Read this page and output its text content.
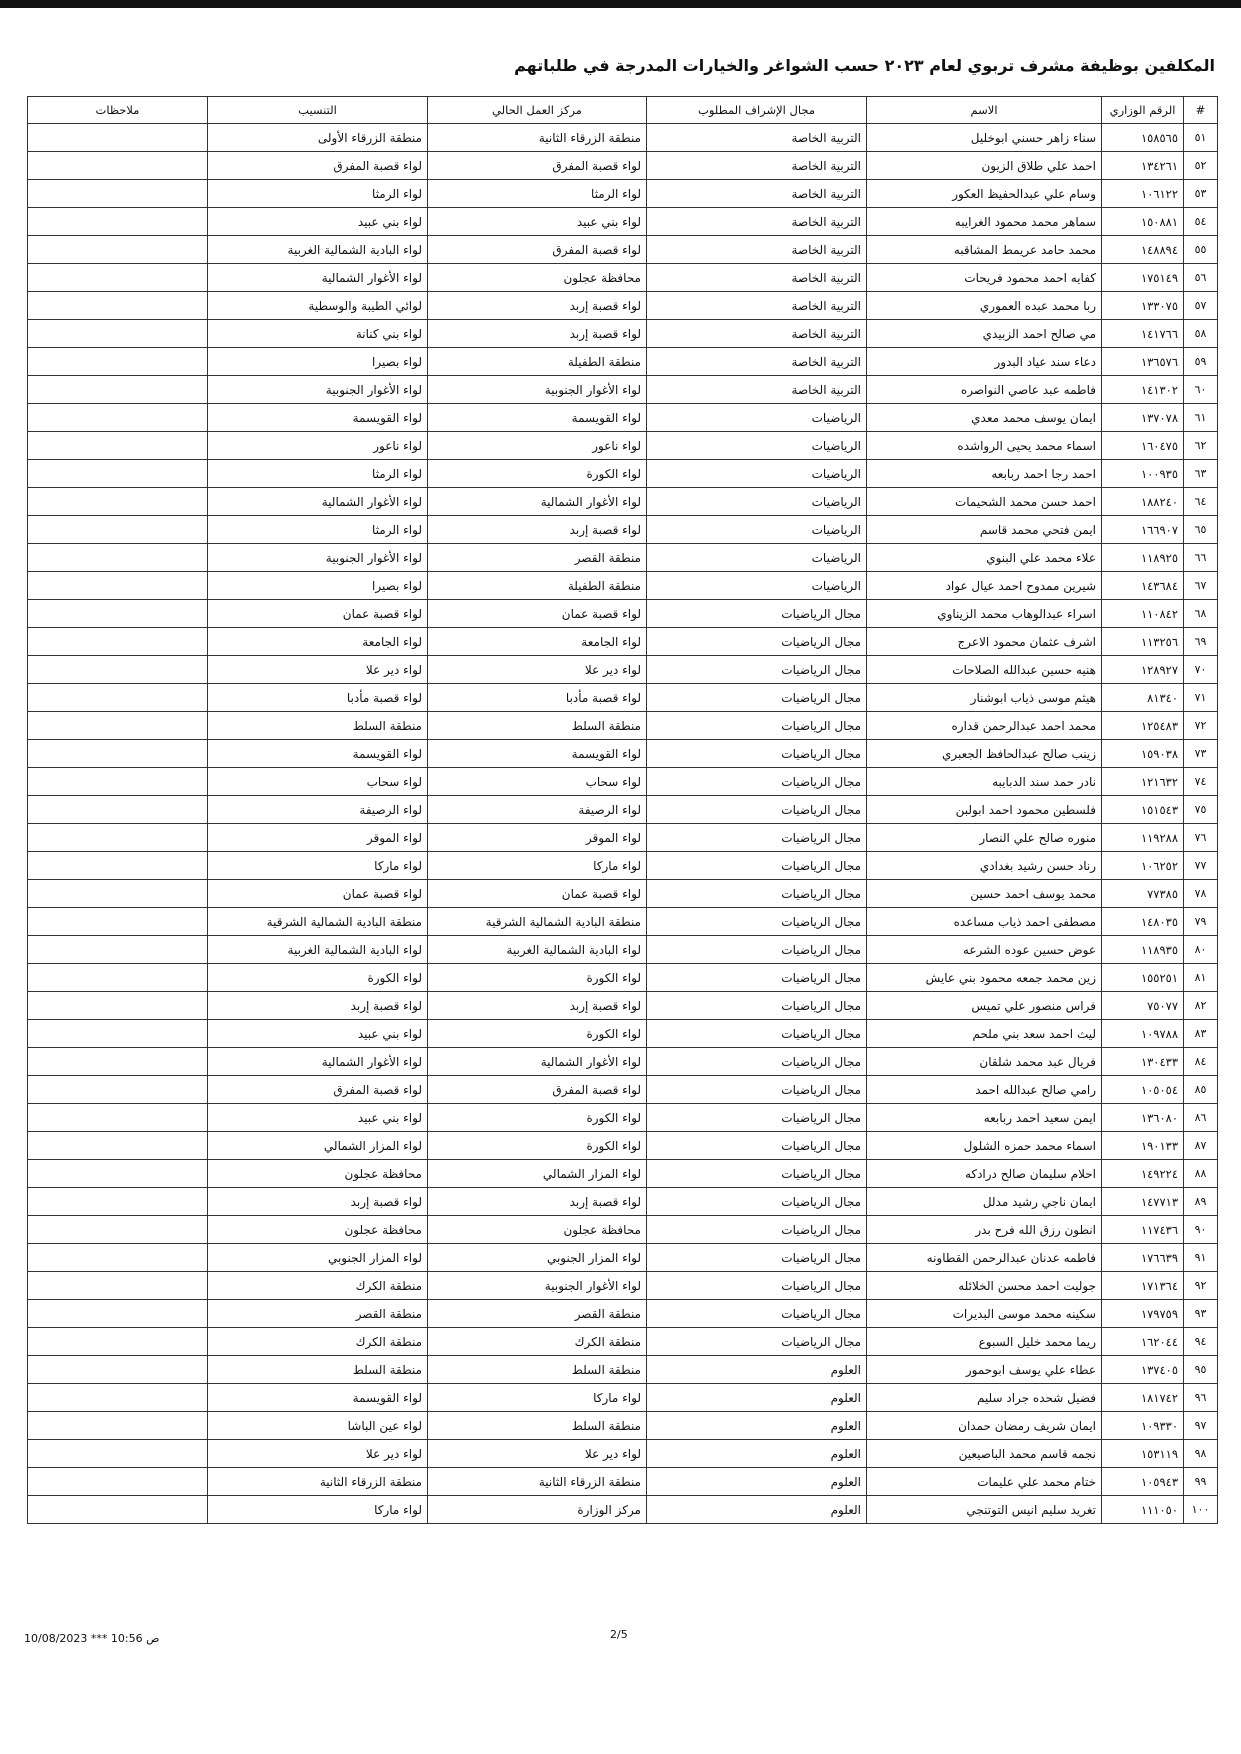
المكلفين بوظيفة مشرف تربوي لعام ٢٠٢٣ حسب الشواغر والخيارات المدرجة في طلباتهم
#	الرقم الوزاري	الاسم	مجال الإشراف المطلوب	مركز العمل الحالي	التنسيب	ملاحظات
٥١	١٥٨٥٦٥	سناء زاهر حسني ابوخليل	التربية الخاصة	منطقة الزرقاء الثانية	منطقة الزرقاء الأولى	
٥٢	١٣٤٢٦١	احمد علي طلاق الزيون	التربية الخاصة	لواء قصبة المفرق	لواء قصبة المفرق	
٥٣	١٠٦١٢٢	وسام علي عبدالحفيظ العكور	التربية الخاصة	لواء الرمثا	لواء الرمثا	
٥٤	١٥٠٨٨١	سماهر محمد محمود الغرايبه	التربية الخاصة	لواء بني عبيد	لواء بني عبيد	
٥٥	١٤٨٨٩٤	محمد حامد عريمط المشاقبه	التربية الخاصة	لواء قصبة المفرق	لواء البادية الشمالية الغربية	
٥٦	١٧٥١٤٩	كفايه احمد محمود فريحات	التربية الخاصة	محافظة عجلون	لواء الأغوار الشمالية	
٥٧	١٣٣٠٧٥	ربا محمد عبده العموري	التربية الخاصة	لواء قصبة إربد	لوائي الطيبة والوسطية	
٥٨	١٤١٧٦٦	مي صالح احمد الزبيدي	التربية الخاصة	لواء قصبة إربد	لواء بني كنانة	
٥٩	١٣٦٥٧٦	دعاء سند عياد البدور	التربية الخاصة	منطقة الطفيلة	لواء بصيرا	
٦٠	١٤١٣٠٢	فاطمه عبد عاصي النواصره	التربية الخاصة	لواء الأغوار الجنوبية	لواء الأغوار الجنوبية	
٦١	١٣٧٠٧٨	ايمان يوسف محمد معدي	الرياضيات	لواء القويسمة	لواء القويسمة	
٦٢	١٦٠٤٧٥	اسماء محمد يحيى الرواشده	الرياضيات	لواء ناعور	لواء ناعور	
٦٣	١٠٠٩٣٥	احمد رجا احمد ربابعه	الرياضيات	لواء الكورة	لواء الرمثا	
٦٤	١٨٨٢٤٠	احمد حسن محمد الشحيمات	الرياضيات	لواء الأغوار الشمالية	لواء الأغوار الشمالية	
٦٥	١٦٦٩٠٧	ايمن فتحي محمد قاسم	الرياضيات	لواء قصبة إربد	لواء الرمثا	
٦٦	١١٨٩٢٥	علاء محمد علي البنوي	الرياضيات	منطقة القصر	لواء الأغوار الجنوبية	
٦٧	١٤٣٦٨٤	شيرين ممدوح احمد عيال عواد	الرياضيات	منطقة الطفيلة	لواء بصيرا	
٦٨	١١٠٨٤٢	اسراء عبدالوهاب محمد الزيناوي	مجال الرياضيات	لواء قصبة عمان	لواء قصبة عمان	
٦٩	١١٣٢٥٦	اشرف عثمان محمود الاعرج	مجال الرياضيات	لواء الجامعة	لواء الجامعة	
٧٠	١٢٨٩٢٧	هنيه حسين عبدالله الصلاحات	مجال الرياضيات	لواء دير علا	لواء دير علا	
٧١	٨١٣٤٠	هيثم موسى ذياب ابوشنار	مجال الرياضيات	لواء قصبة مأدبا	لواء قصبة مأدبا	
٧٢	١٢٥٤٨٣	محمد احمد عبدالرحمن قداره	مجال الرياضيات	منطقة السلط	منطقة السلط	
٧٣	١٥٩٠٣٨	زينب صالح عبدالحافظ الجعبري	مجال الرياضيات	لواء القويسمة	لواء القويسمة	
٧٤	١٢١٦٣٢	نادر حمد سند الدبايبه	مجال الرياضيات	لواء سحاب	لواء سحاب	
٧٥	١٥١٥٤٣	فلسطين محمود احمد ابولبن	مجال الرياضيات	لواء الرصيفة	لواء الرصيفة	
٧٦	١١٩٢٨٨	منوره صالح علي النصار	مجال الرياضيات	لواء الموقر	لواء الموقر	
٧٧	١٠٦٢٥٢	رناد حسن رشيد بغدادي	مجال الرياضيات	لواء ماركا	لواء ماركا	
٧٨	٧٧٣٨٥	محمد يوسف احمد حسين	مجال الرياضيات	لواء قصبة عمان	لواء قصبة عمان	
٧٩	١٤٨٠٣٥	مصطفى احمد ذياب مساعده	مجال الرياضيات	منطقة البادية الشمالية الشرقية	منطقة البادية الشمالية الشرقية	
٨٠	١١٨٩٣٥	عوض حسين عوده الشرعه	مجال الرياضيات	لواء البادية الشمالية الغربية	لواء البادية الشمالية الغربية	
٨١	١٥٥٢٥١	زين محمد جمعه محمود بني عايش	مجال الرياضيات	لواء الكورة	لواء الكورة	
٨٢	٧٥٠٧٧	فراس منصور علي تميس	مجال الرياضيات	لواء قصبة إربد	لواء قصبة إربد	
٨٣	١٠٩٧٨٨	ليث احمد سعد بني ملحم	مجال الرياضيات	لواء الكورة	لواء بني عبيد	
٨٤	١٣٠٤٣٣	فريال عبد محمد شلقان	مجال الرياضيات	لواء الأغوار الشمالية	لواء الأغوار الشمالية	
٨٥	١٠٥٠٥٤	رامي صالح عبدالله احمد	مجال الرياضيات	لواء قصبة المفرق	لواء قصبة المفرق	
٨٦	١٣٦٠٨٠	ايمن سعيد احمد ربابعه	مجال الرياضيات	لواء الكورة	لواء بني عبيد	
٨٧	١٩٠١٣٣	اسماء محمد حمزه الشلول	مجال الرياضيات	لواء الكورة	لواء المزار الشمالي	
٨٨	١٤٩٢٢٤	احلام سليمان صالح درادكه	مجال الرياضيات	لواء المزار الشمالي	محافظة عجلون	
٨٩	١٤٧٧١٣	ايمان ناجي رشيد مدلل	مجال الرياضيات	لواء قصبة إربد	لواء قصبة إربد	
٩٠	١١٧٤٣٦	انطون رزق الله فرح بدر	مجال الرياضيات	محافظة عجلون	محافظة عجلون	
٩١	١٧٦٦٣٩	فاطمه عدنان عبدالرحمن القطاونه	مجال الرياضيات	لواء المزار الجنوبي	لواء المزار الجنوبي	
٩٢	١٧١٣٦٤	جوليت احمد محسن الخلائله	مجال الرياضيات	لواء الأغوار الجنوبية	منطقة الكرك	
٩٣	١٧٩٧٥٩	سكينه محمد موسى البديرات	مجال الرياضيات	منطقة القصر	منطقة القصر	
٩٤	١٦٢٠٤٤	ريما محمد خليل السبوع	مجال الرياضيات	منطقة الكرك	منطقة الكرك	
٩٥	١٣٧٤٠٥	عطاء علي يوسف ابوحمور	العلوم	منطقة السلط	منطقة السلط	
٩٦	١٨١٧٤٢	فضيل شحده جراد سليم	العلوم	لواء ماركا	لواء القويسمة	
٩٧	١٠٩٣٣٠	ايمان شريف رمضان حمدان	العلوم	منطقة السلط	لواء عين الباشا	
٩٨	١٥٣١١٩	نجمه قاسم محمد الباصيعين	العلوم	لواء دير علا	لواء دير علا	
٩٩	١٠٥٩٤٣	ختام محمد علي عليمات	العلوم	منطقة الزرقاء الثانية	منطقة الزرقاء الثانية	
١٠٠	١١١٠٥٠	تغريد سليم انيس التوتنجي	العلوم	مركز الوزارة	لواء ماركا	
10/08/2023 *** 10:56 ص	2/5
